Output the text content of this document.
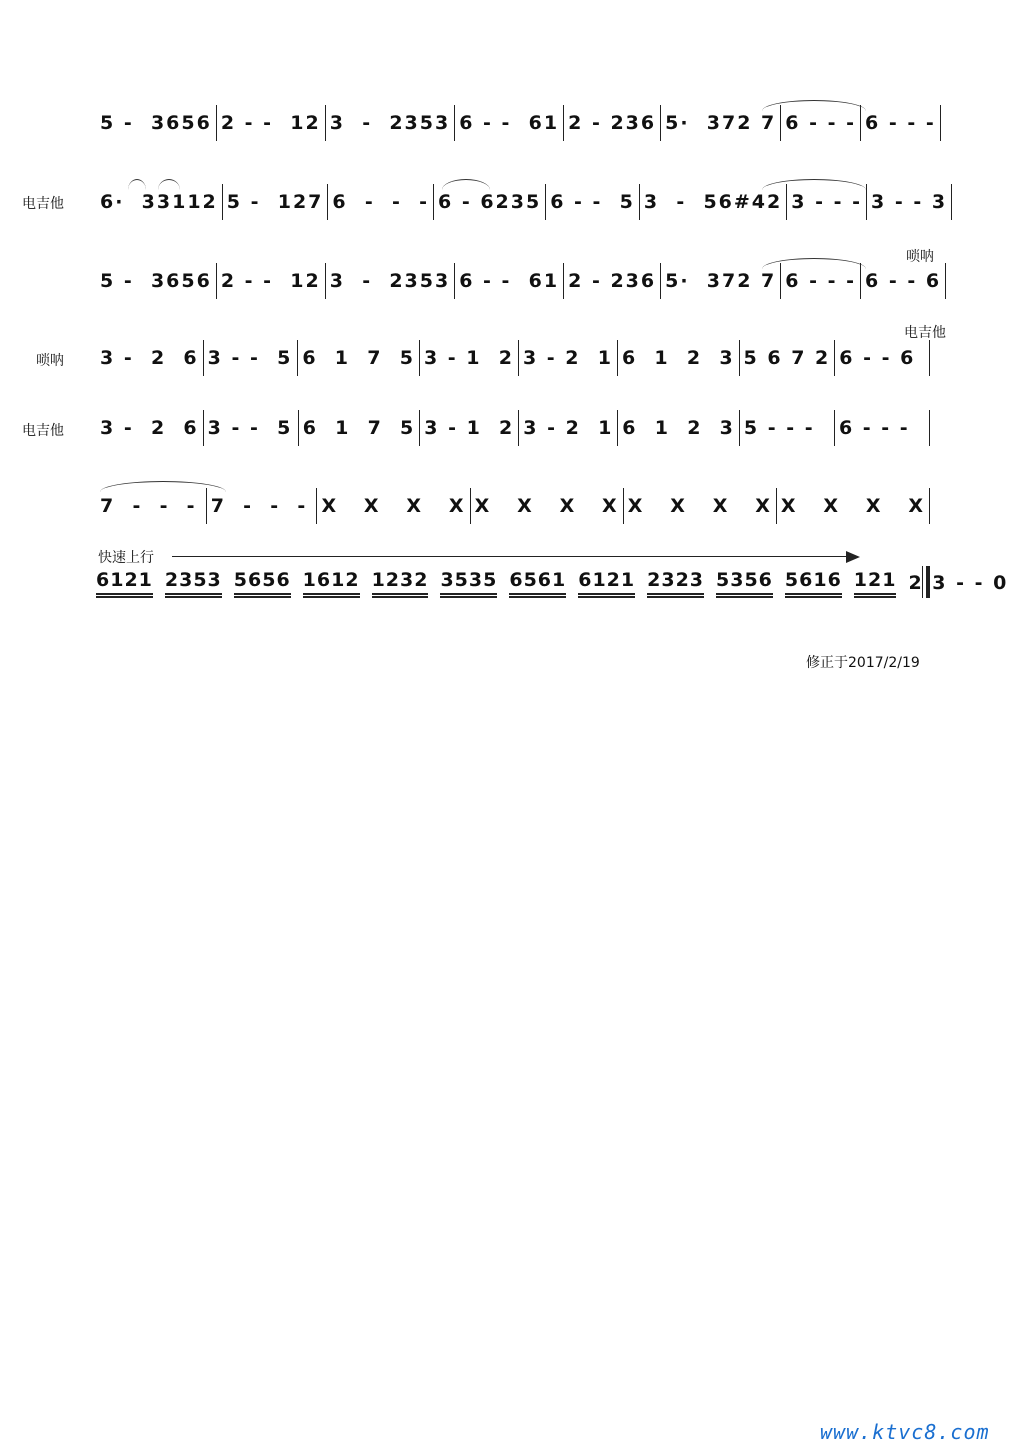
5 -  3656 2 - -  12 3  -  2353 6 - -  61 2 - 236 5·  372 7 6 - - - 6 - - -
电吉他 6·  33112 5 -  127 6  -  -  - 6 - 6235 6 - -  5 3  -  56#42 3 - - - 3 - - 3
5 -  3656 2 - -  12 3  -  2353 6 - -  61 2 - 236 5·  372 7 6 - - - 6 - - 6
唢呐
唢呐 3 -  2  6 3 - -  5 6  1  7  5 3 - 1  2 3 - 2  1 6  1  2  3 5 6 7 2 6 - - 6
电吉他
电吉他 3 -  2  6 3 - -  5 6  1  7  5 3 - 1  2 3 - 2  1 6  1  2  3 5 - - - 6 - - -
7  -  -  - 7  -  -  - X   X   X   X X   X   X   X X   X   X   X X   X   X   X
快速上行
6121 2353 5656 1612 1232 3535 6561 6121 2323 5356 5616 121 2 3 - - 0
修正于2017/2/19
www.ktvc8.com
